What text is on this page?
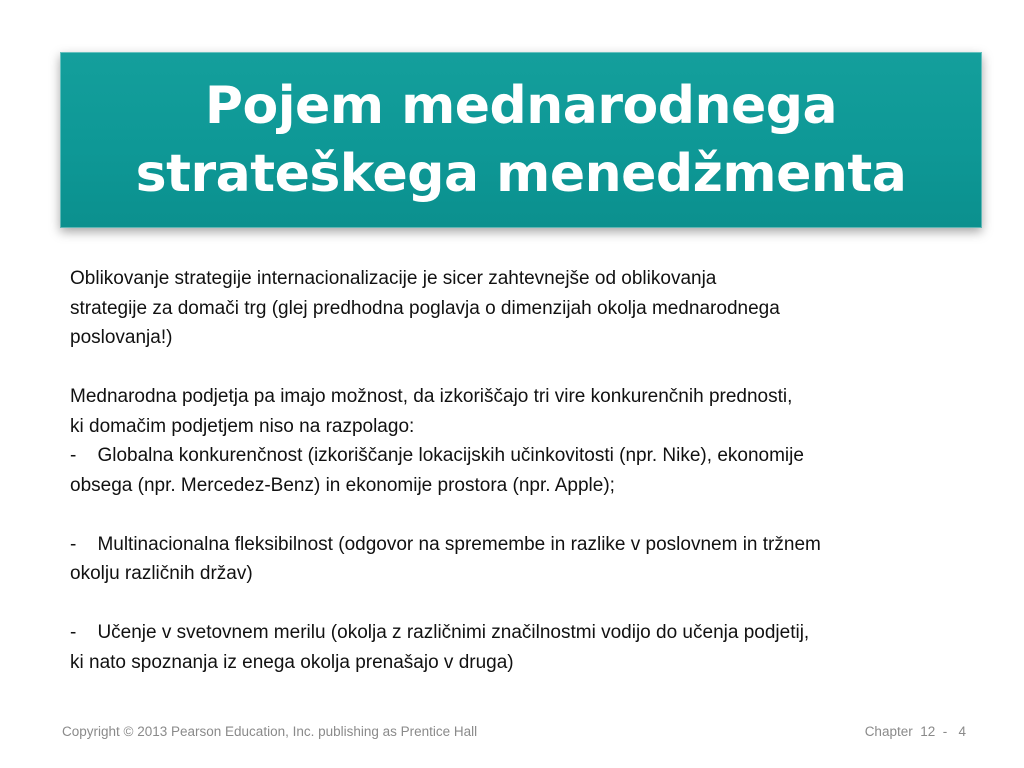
Pojem mednarodnega
strateškega menedžmenta

Oblikovanje strategije internacionalizacije je sicer zahtevnejše od oblikovanja

strategije za domači trg (glej predhodna poglavja o dimenzijah okolja mednarodnega

poslovanja!)

Mednarodna podjetja pa imajo možnost, da izkoriščajo tri vire konkurenčnih prednosti,

ki domačim podjetjem niso na razpolago:

-    Globalna konkurenčnost (izkoriščanje lokacijskih učinkovitosti (npr. Nike), ekonomije

obsega (npr. Mercedez-Benz) in ekonomije prostora (npr. Apple);

-    Multinacionalna fleksibilnost (odgovor na spremembe in razlike v poslovnem in tržnem

okolju različnih držav)

-    Učenje v svetovnem merilu (okolja z različnimi značilnostmi vodijo do učenja podjetij,

ki nato spoznanja iz enega okolja prenašajo v druga)

Copyright © 2013 Pearson Education, Inc. publishing as Prentice Hall	Chapter  12  -   4
